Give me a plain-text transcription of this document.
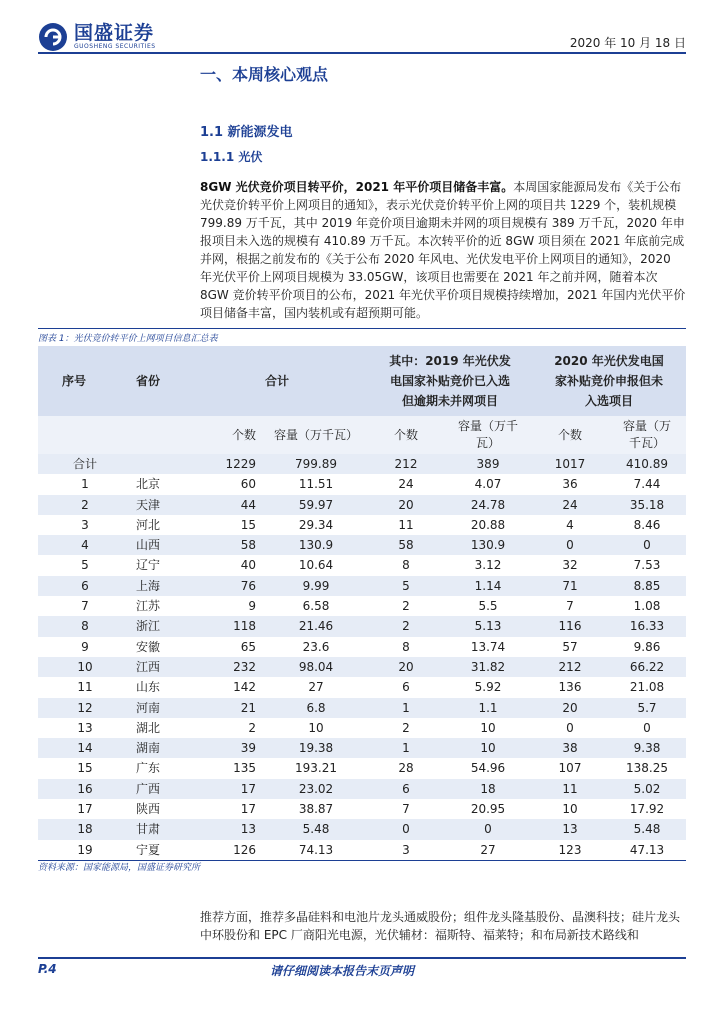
国盛证券
GUOSHENG SECURITIES	2020 年 10 月 18 日
一、本周核心观点
1.1 新能源发电
1.1.1 光伏
8GW 光伏竞价项目转平价，2021 年平价项目储备丰富。本周国家能源局发布《关于公布光伏竞价转平价上网项目的通知》，表示光伏竞价转平价上网的项目共 1229 个，装机规模 799.89 万千瓦，其中 2019 年竞价项目逾期未并网的项目规模有 389 万千瓦，2020 年申报项目未入选的规模有 410.89 万千瓦。本次转平价的近 8GW 项目须在 2021 年底前完成并网，根据之前发布的《关于公布 2020 年风电、光伏发电平价上网项目的通知》，2020 年光伏平价上网项目规模为 33.05GW，该项目也需要在 2021 年之前并网，随着本次 8GW 竞价转平价项目的公布，2021 年光伏平价项目规模持续增加，2021 年国内光伏平价项目储备丰富，国内装机或有超预期可能。
图表 1：光伏竞价转平价上网项目信息汇总表
序号	省份	合计		其中：2019 年光伏发电国家补贴竞价已入选但逾期未并网项目		2020 年光伏发电国家补贴竞价申报但未入选项目	
		个数	容量（万千瓦）	个数	容量（万千瓦）	个数	容量（万千瓦）
合计		1229	799.89	212	389	1017	410.89
1	北京	60	11.51	24	4.07	36	7.44
2	天津	44	59.97	20	24.78	24	35.18
3	河北	15	29.34	11	20.88	4	8.46
4	山西	58	130.9	58	130.9	0	0
5	辽宁	40	10.64	8	3.12	32	7.53
6	上海	76	9.99	5	1.14	71	8.85
7	江苏	9	6.58	2	5.5	7	1.08
8	浙江	118	21.46	2	5.13	116	16.33
9	安徽	65	23.6	8	13.74	57	9.86
10	江西	232	98.04	20	31.82	212	66.22
11	山东	142	27	6	5.92	136	21.08
12	河南	21	6.8	1	1.1	20	5.7
13	湖北	2	10	2	10	0	0
14	湖南	39	19.38	1	10	38	9.38
15	广东	135	193.21	28	54.96	107	138.25
16	广西	17	23.02	6	18	11	5.02
17	陕西	17	38.87	7	20.95	10	17.92
18	甘肃	13	5.48	0	0	13	5.48
19	宁夏	126	74.13	3	27	123	47.13
资料来源：国家能源局，国盛证券研究所
推荐方面，推荐多晶硅料和电池片龙头通威股份；组件龙头隆基股份、晶澳科技；硅片龙头中环股份和 EPC 厂商阳光电源，光伏辅材：福斯特、福莱特；和布局新技术路线和
P.4	请仔细阅读本报告末页声明
